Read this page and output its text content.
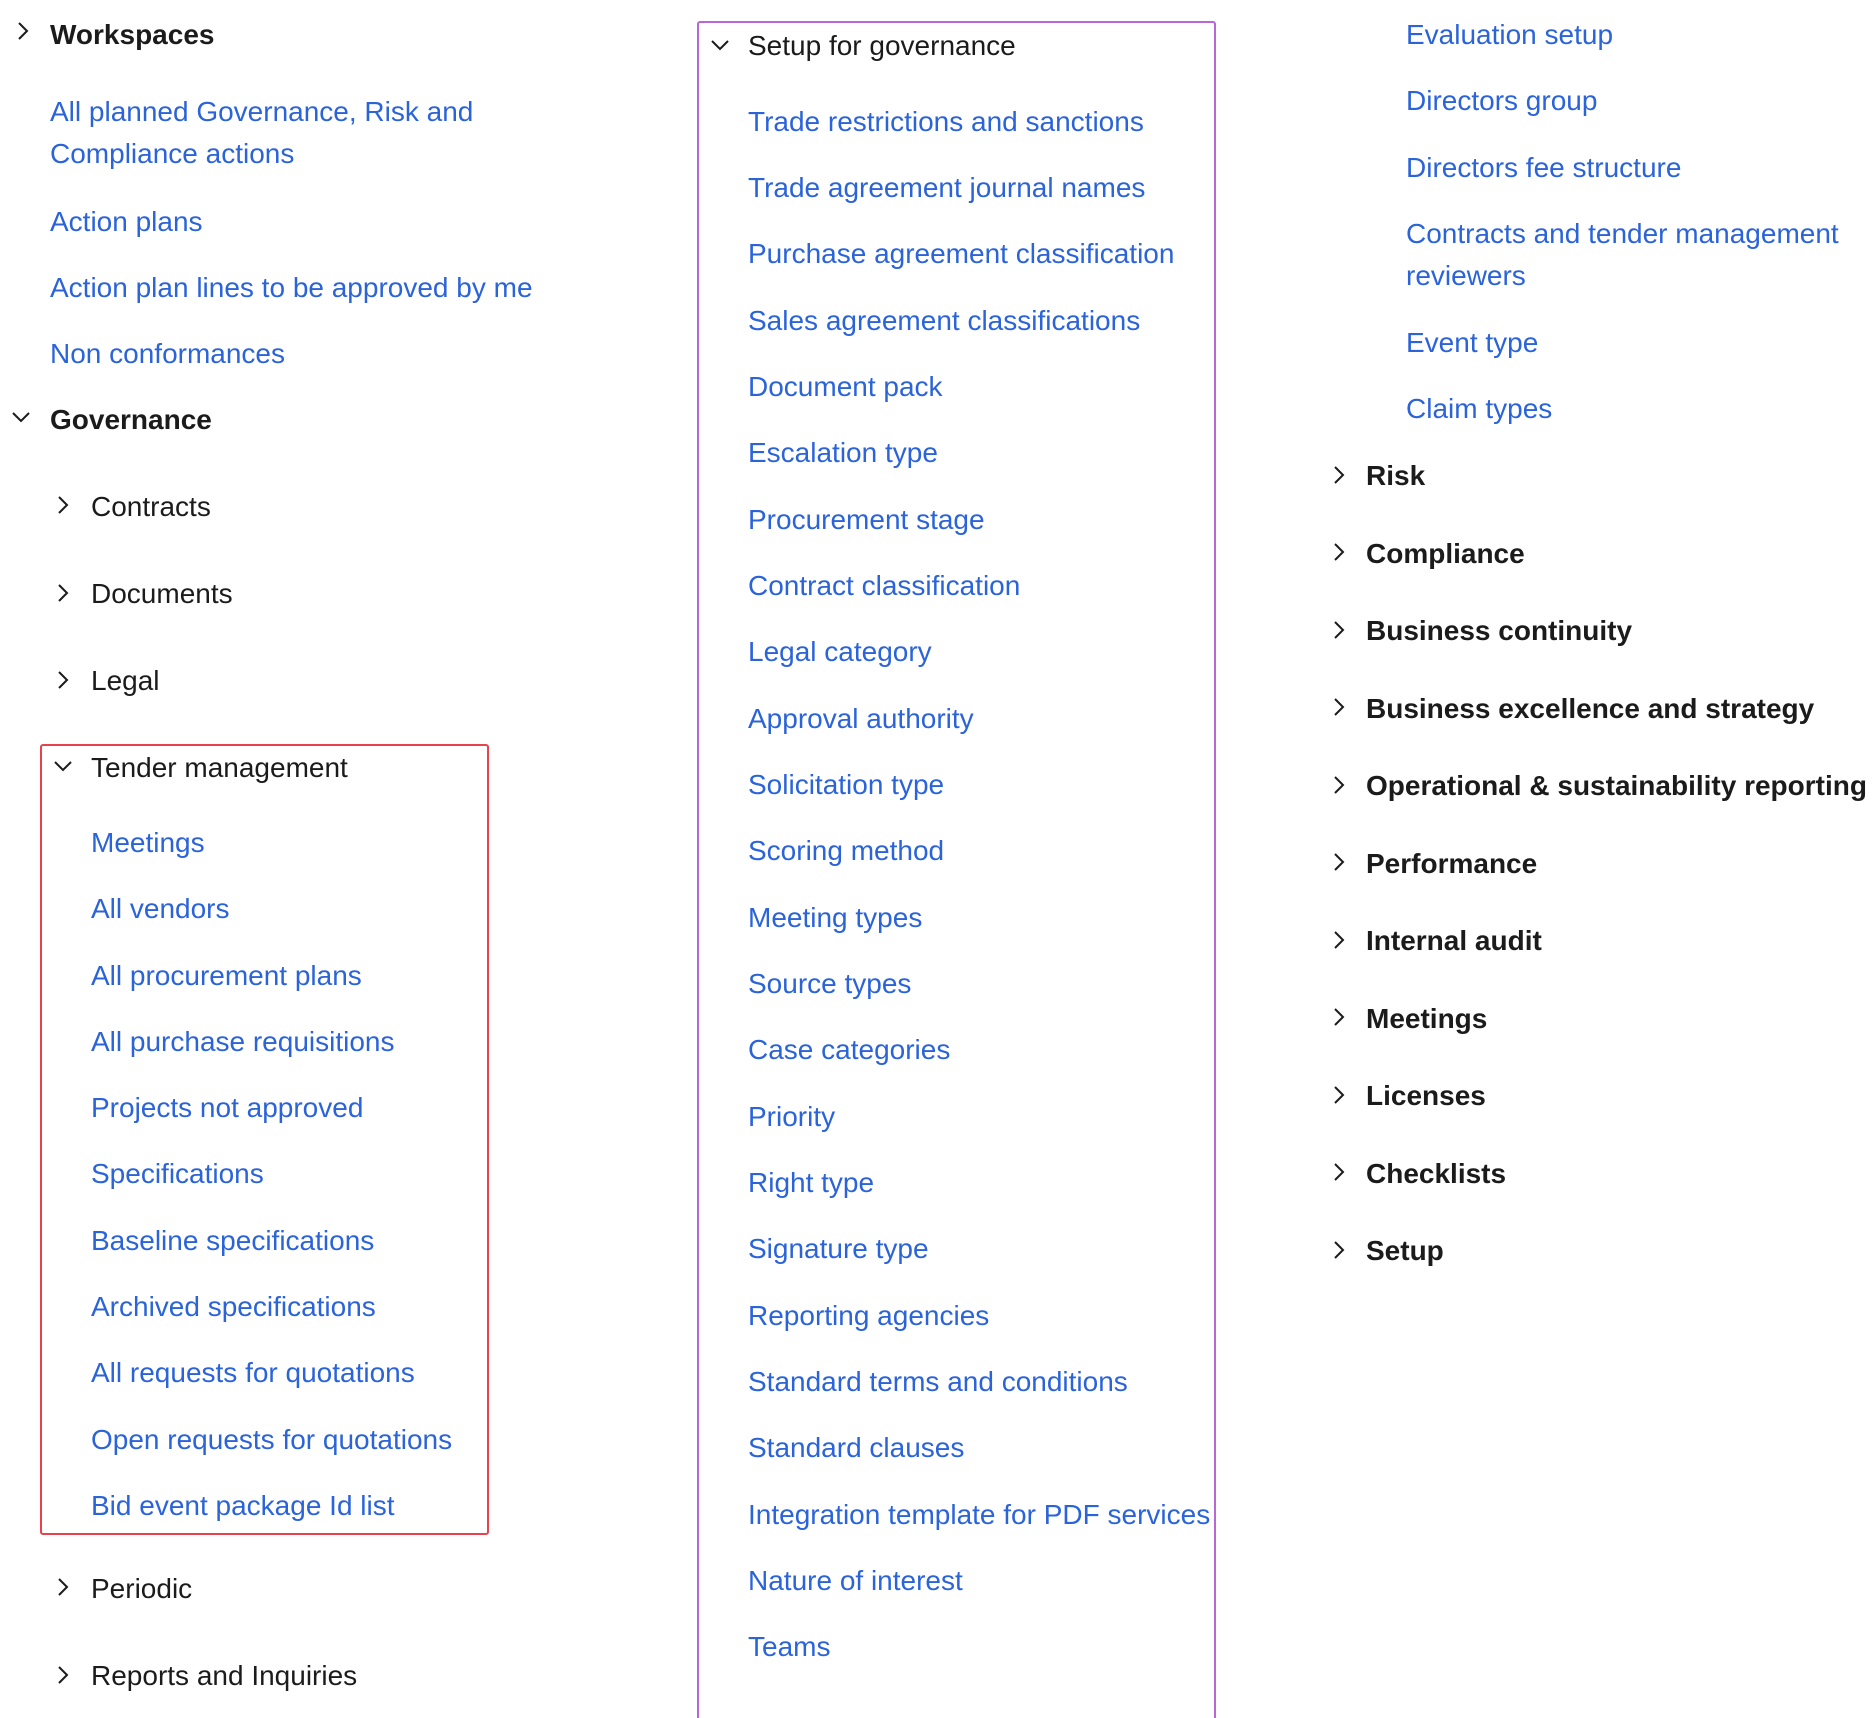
Workspaces
All planned Governance, Risk and
Compliance actions
Action plans
Action plan lines to be approved by me
Non conformances
Governance
Contracts
Documents
Legal
Tender management
Meetings
All vendors
All procurement plans
All purchase requisitions
Projects not approved
Specifications
Baseline specifications
Archived specifications
All requests for quotations
Open requests for quotations
Bid event package Id list
Periodic
Reports and Inquiries
Setup for governance
Trade restrictions and sanctions
Trade agreement journal names
Purchase agreement classification
Sales agreement classifications
Document pack
Escalation type
Procurement stage
Contract classification
Legal category
Approval authority
Solicitation type
Scoring method
Meeting types
Source types
Case categories
Priority
Right type
Signature type
Reporting agencies
Standard terms and conditions
Standard clauses
Integration template for PDF services
Nature of interest
Teams
Evaluation setup
Directors group
Directors fee structure
Contracts and tender management
reviewers
Event type
Claim types
Risk
Compliance
Business continuity
Business excellence and strategy
Operational & sustainability reporting
Performance
Internal audit
Meetings
Licenses
Checklists
Setup
